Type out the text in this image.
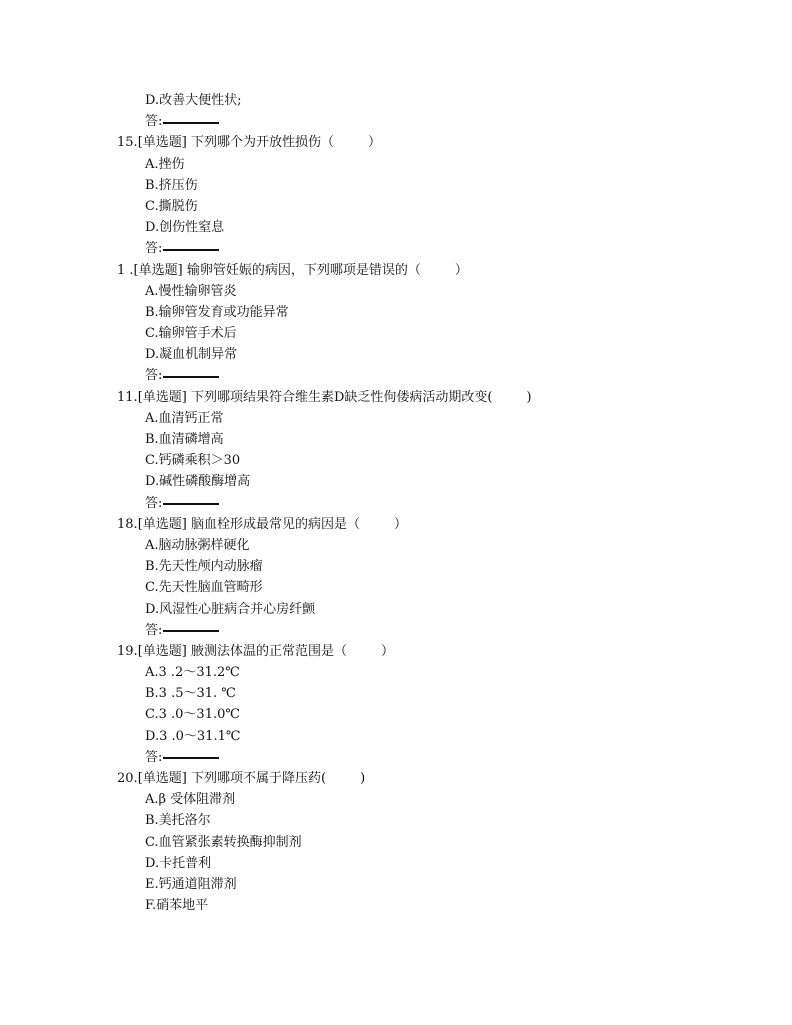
D.改善大便性状;
答:
15.[单选题] 下列哪个为开放性损伤（	）
A.挫伤
B.挤压伤
C.撕脱伤
D.创伤性窒息
答:
1 .[单选题] 输卵管妊娠的病因，下列哪项是错误的（	）
A.慢性输卵管炎
B.输卵管发育或功能异常
C.输卵管手术后
D.凝血机制异常
答:
11.[单选题] 下列哪项结果符合维生素D缺乏性佝偻病活动期改变(	)
A.血清钙正常
B.血清磷增高
C.钙磷乘积＞30
D.碱性磷酸酶增高
答:
18.[单选题] 脑血栓形成最常见的病因是（	）
A.脑动脉粥样硬化
B.先天性颅内动脉瘤
C.先天性脑血管畸形
D.风湿性心脏病合并心房纤颤
答:
19.[单选题] 腋测法体温的正常范围是（	）
A.3 .2～31.2℃
B.3 .5～31. ℃
C.3 .0～31.0℃
D.3 .0～31.1℃
答:
20.[单选题] 下列哪项不属于降压药(	)
A.β 受体阻滞剂
B.美托洛尔
C.血管紧张素转换酶抑制剂
D.卡托普利
E.钙通道阻滞剂
F.硝苯地平
